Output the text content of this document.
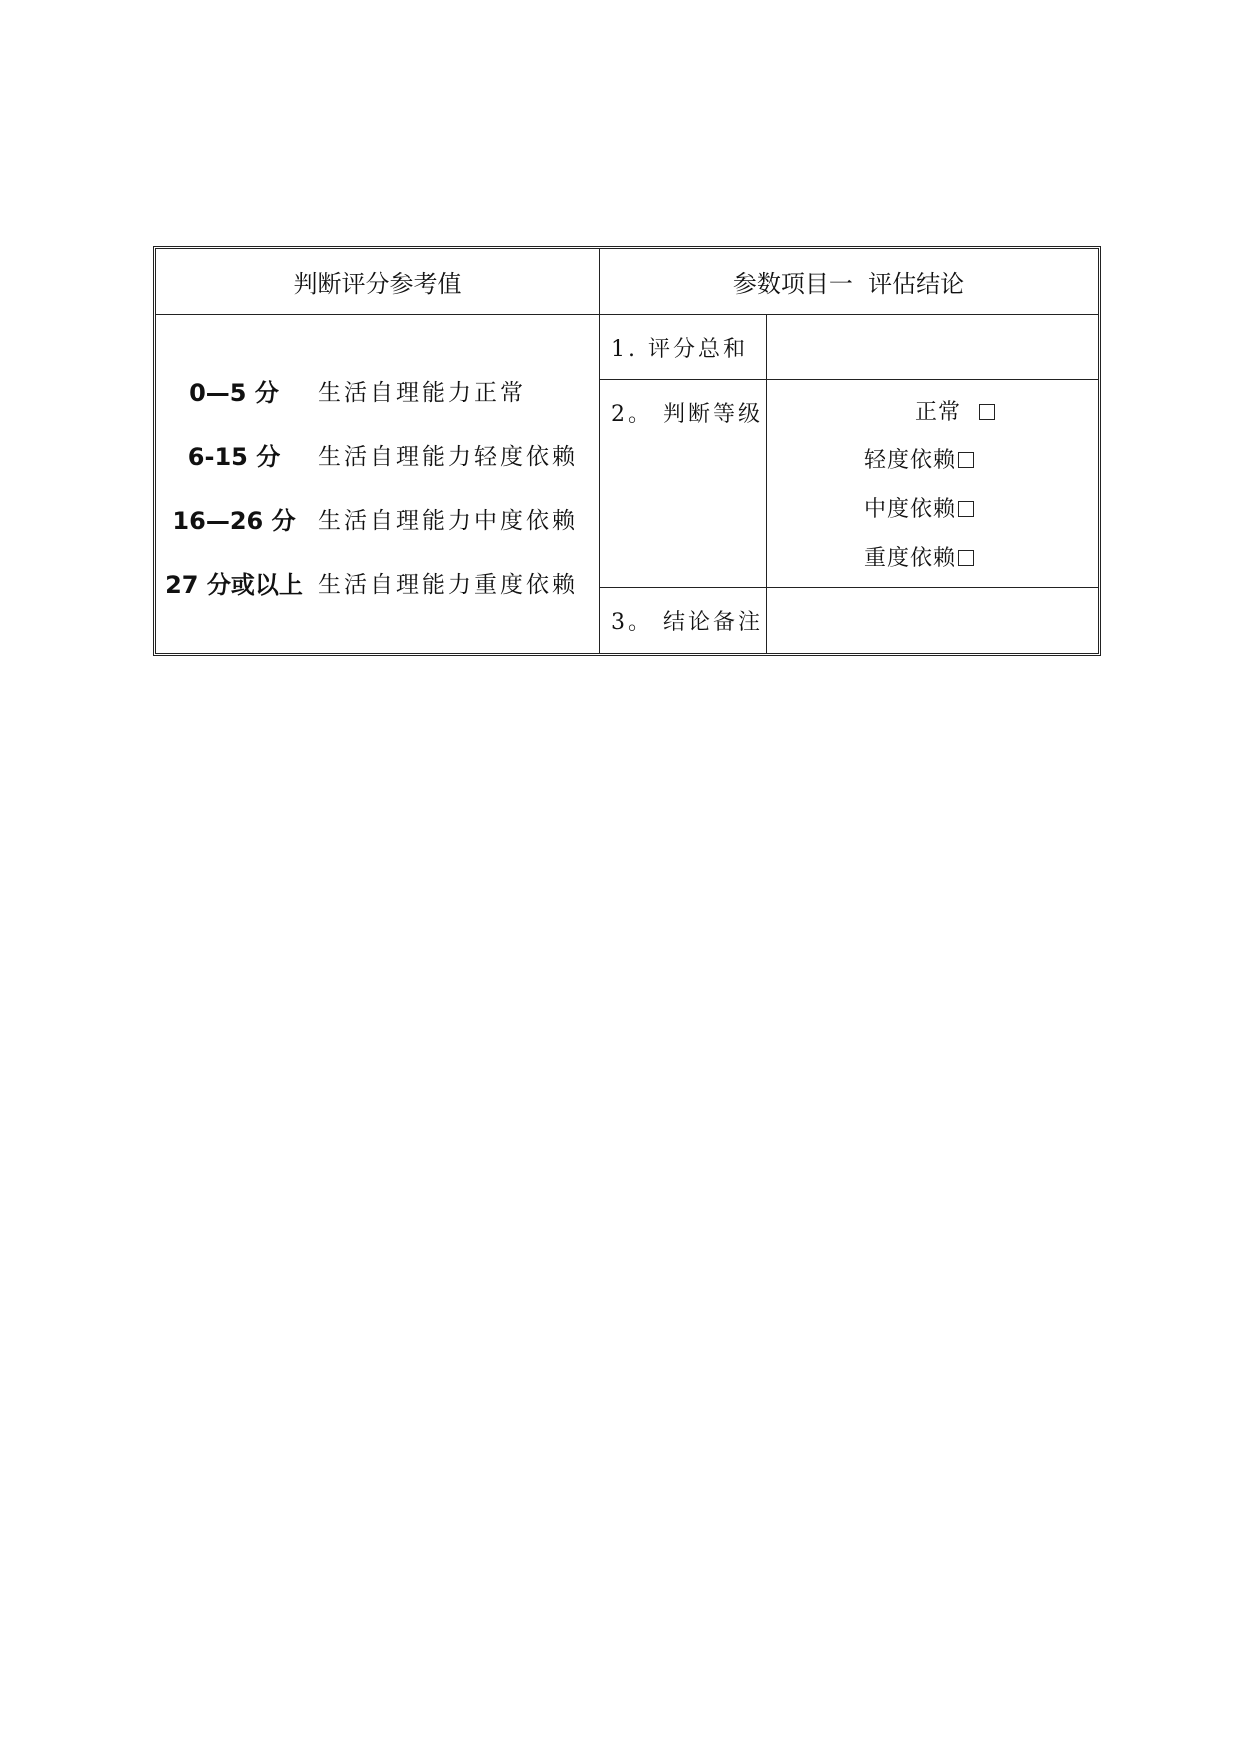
判断评分参考值	参数项目一  评估结论
0—5 分	生活自理能力正常
6-15 分	生活自理能力轻度依赖
16—26 分 生活自理能力中度依赖
27 分或以上 生活自理能力重度依赖
1. 评分总和
2。 判断等级	正常
轻度依赖
中度依赖
重度依赖
3。 结论备注
